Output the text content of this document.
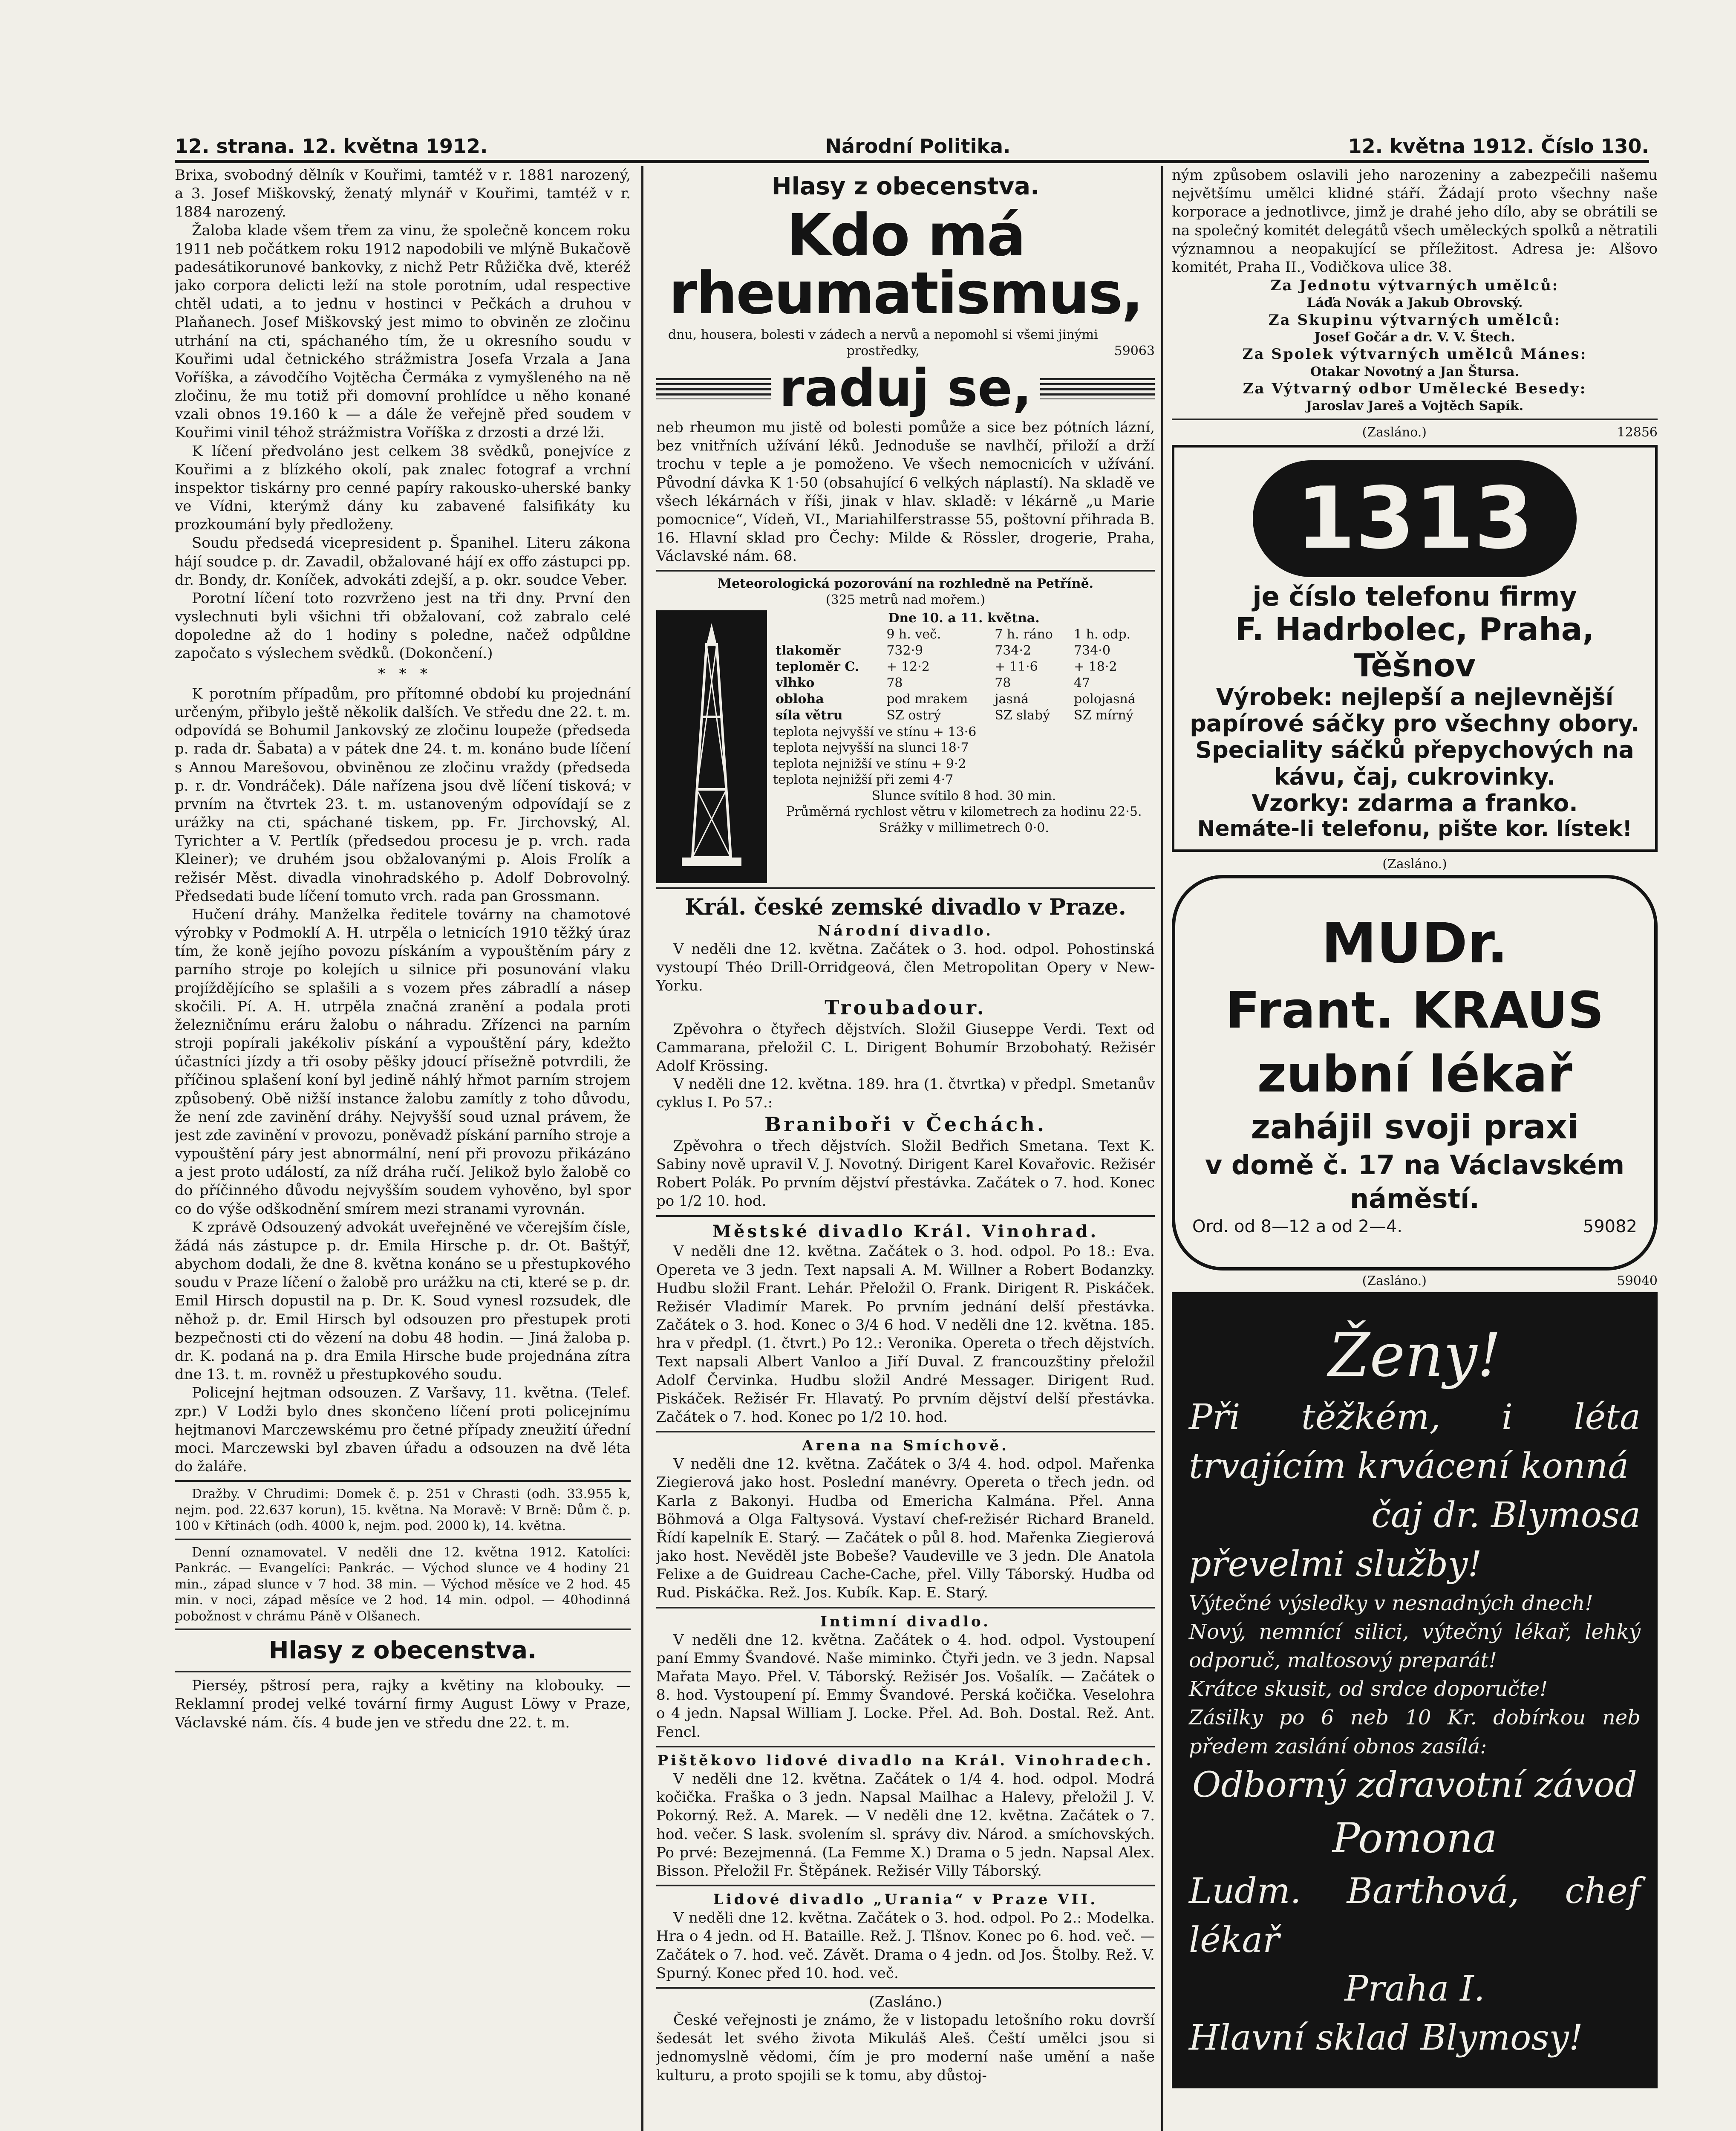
12. strana. 12. května 1912.	Národní Politika.	12. května 1912. Číslo 130.

Brixa, svobodný dělník v Kouřimi, tamtéž v r. 1881 narozený, a 3. Josef Miškovský, ženatý mlynář v Kouřimi, tamtéž v r. 1884 narozený.

Žaloba klade všem třem za vinu, že společně koncem roku 1911 neb počátkem roku 1912 napodobili ve mlýně Bukačově padesátikorunové bankovky, z nichž Petr Růžička dvě, kteréž jako corpora delicti leží na stole porotním, udal respective chtěl udati, a to jednu v hostinci v Pečkách a druhou v Plaňanech. Josef Miškovský jest mimo to obviněn ze zločinu utrhání na cti, spáchaného tím, že u okresního soudu v Kouřimi udal četnického strážmistra Josefa Vrzala a Jana Voříška, a závodčího Vojtěcha Čermáka z vymyšleného na ně zločinu, že mu totiž při domovní prohlídce u něho konané vzali obnos 19.160 k — a dále že veřejně před soudem v Kouřimi vinil téhož strážmistra Voříška z drzosti a drzé lži.

K líčení předvoláno jest celkem 38 svědků, ponejvíce z Kouřimi a z blízkého okolí, pak znalec fotograf a vrchní inspektor tiskárny pro cenné papíry rakousko-uherské banky ve Vídni, kterýmž dány ku zabavené falsifikáty ku prozkoumání byly předloženy.

Soudu předsedá vicepresident p. Španihel. Literu zákona hájí soudce p. dr. Zavadil, obžalované hájí ex offo zástupci pp. dr. Bondy, dr. Koníček, advokáti zdejší, a p. okr. soudce Veber.

Porotní líčení toto rozvrženo jest na tři dny. První den vyslechnuti byli všichni tři obžalovaní, což zabralo celé dopoledne až do 1 hodiny s poledne, načež odpůldne započato s výslechem svědků. (Dokončení.)

*   *   *

K porotním případům, pro přítomné období ku projednání určeným, přibylo ještě několik dalších. Ve středu dne 22. t. m. odpovídá se Bohumil Jankovský ze zločinu loupeže (předseda p. rada dr. Šabata) a v pátek dne 24. t. m. konáno bude líčení s Annou Marešovou, obviněnou ze zločinu vraždy (předseda p. r. dr. Vondráček). Dále nařízena jsou dvě líčení tisková; v prvním na čtvrtek 23. t. m. ustanoveným odpovídají se z urážky na cti, spáchané tiskem, pp. Fr. Jirchovský, Al. Tyrichter a V. Pertlík (předsedou procesu je p. vrch. rada Kleiner); ve druhém jsou obžalovanými p. Alois Frolík a režisér Měst. divadla vinohradského p. Adolf Dobrovolný. Předsedati bude líčení tomuto vrch. rada pan Grossmann.

Hučení dráhy. Manželka ředitele továrny na chamotové výrobky v Podmoklí A. H. utrpěla o letnicích 1910 těžký úraz tím, že koně jejího povozu pískáním a vypouštěním páry z parního stroje po kolejích u silnice při posunování vlaku projíždějícího se splašili a s vozem přes zábradlí a násep skočili. Pí. A. H. utrpěla značná zranění a podala proti železničnímu eráru žalobu o náhradu. Zřízenci na parním stroji popírali jakékoliv pískání a vypouštění páry, kdežto účastníci jízdy a tři osoby pěšky jdoucí přísežně potvrdili, že příčinou splašení koní byl jedině náhlý hřmot parním strojem způsobený. Obě nižší instance žalobu zamítly z toho důvodu, že není zde zavinění dráhy. Nejvyšší soud uznal právem, že jest zde zavinění v provozu, poněvadž pískání parního stroje a vypouštění páry jest abnormální, není při provozu přikázáno a jest proto událostí, za níž dráha ručí. Jelikož bylo žalobě co do příčinného důvodu nejvyšším soudem vyhověno, byl spor co do výše odškodnění smírem mezi stranami vyrovnán.

K zprávě Odsouzený advokát uveřejněné ve včerejším čísle, žádá nás zástupce p. dr. Emila Hirsche p. dr. Ot. Baštýř, abychom dodali, že dne 8. května konáno se u přestupkového soudu v Praze líčení o žalobě pro urážku na cti, které se p. dr. Emil Hirsch dopustil na p. Dr. K. Soud vynesl rozsudek, dle něhož p. dr. Emil Hirsch byl odsouzen pro přestupek proti bezpečnosti cti do vězení na dobu 48 hodin. — Jiná žaloba p. dr. K. podaná na p. dra Emila Hirsche bude projednána zítra dne 13. t. m. rovněž u přestupkového soudu.

Policejní hejtman odsouzen. Z Varšavy, 11. května. (Telef. zpr.) V Lodži bylo dnes skončeno líčení proti policejnímu hejtmanovi Marczewskému pro četné případy zneužití úřední moci. Marczewski byl zbaven úřadu a odsouzen na dvě léta do žaláře.

Dražby. V Chrudimi: Domek č. p. 251 v Chrasti (odh. 33.955 k, nejm. pod. 22.637 korun), 15. května. Na Moravě: V Brně: Dům č. p. 100 v Křtinách (odh. 4000 k, nejm. pod. 2000 k), 14. května.

Denní oznamovatel. V neděli dne 12. května 1912. Katolíci: Pankrác. — Evangelíci: Pankrác. — Východ slunce ve 4 hodiny 21 min., západ slunce v 7 hod. 38 min. — Východ měsíce ve 2 hod. 45 min. v noci, západ měsíce ve 2 hod. 14 min. odpol. — 40hodinná pobožnost v chrámu Páně v Olšanech.

Hlasy z obecenstva.

Pierséy, pštrosí pera, rajky a květiny na klobouky. — Reklamní prodej velké tovární firmy August Löwy v Praze, Václavské nám. čís. 4 bude jen ve středu dne 22. t. m.

Hlasy z obecenstva.
Kdo má rheumatismus,

dnu, housera, bolesti v zádech a nervů a nepomohl si všemi jinými prostředky,	59063
raduj se,

neb rheumon mu jistě od bolesti pomůže a sice bez pótních lázní, bez vnitřních užívání léků. Jednoduše se navlhčí, přiloží a drží trochu v teple a je pomoženo. Ve všech nemocnicích v užívání. Původní dávka K 1·50 (obsahující 6 velkých náplastí). Na skladě ve všech lékárnách v říši, jinak v hlav. skladě: v lékárně „u Marie pomocnice“, Vídeň, VI., Mariahilferstrasse 55, poštovní přihrada B. 16. Hlavní sklad pro Čechy: Milde & Rössler, drogerie, Praha, Václavské nám. 68.

Meteorologická pozorování na rozhledně na Petříně.

(325 metrů nad mořem.)

Dne 10. a 11. května.

	9 h. več.	7 h. ráno	1 h. odp.
tlakoměr	732·9	734·2	734·0
teploměr C.	+ 12·2	+ 11·6	+ 18·2
vlhko	78	78	47
obloha	pod mrakem	jasná	polojasná
síla větru	SZ ostrý	SZ slabý	SZ mírný

teplota nejvyšší ve stínu + 13·6

teplota nejvyšší na slunci 18·7

teplota nejnižší ve stínu + 9·2

teplota nejnižší při zemi 4·7

Slunce svítilo 8 hod. 30 min.

Průměrná rychlost větru v kilometrech za hodinu 22·5.

Srážky v millimetrech 0·0.

Král. české zemské divadlo v Praze.

Národní divadlo.

V neděli dne 12. května. Začátek o 3. hod. odpol. Pohostinská vystoupí Théo Drill-Orridgeová, člen Metropolitan Opery v New-Yorku.

Troubadour.

Zpěvohra o čtyřech dějstvích. Složil Giuseppe Verdi. Text od Cammarana, přeložil C. L. Dirigent Bohumír Brzobohatý. Režisér Adolf Krössing.

V neděli dne 12. května. 189. hra (1. čtvrtka) v předpl. Smetanův cyklus I. Po 57.:

Braniboři v Čechách.

Zpěvohra o třech dějstvích. Složil Bedřich Smetana. Text K. Sabiny nově upravil V. J. Novotný. Dirigent Karel Kovařovic. Režisér Robert Polák. Po prvním dějství přestávka. Začátek o 7. hod. Konec po 1/2 10. hod.

Městské divadlo Král. Vinohrad.

V neděli dne 12. května. Začátek o 3. hod. odpol. Po 18.: Eva. Opereta ve 3 jedn. Text napsali A. M. Willner a Robert Bodanzky. Hudbu složil Frant. Lehár. Přeložil O. Frank. Dirigent R. Piskáček. Režisér Vladimír Marek. Po prvním jednání delší přestávka. Začátek o 3. hod. Konec o 3/4 6 hod. V neděli dne 12. května. 185. hra v předpl. (1. čtvrt.) Po 12.: Veronika. Opereta o třech dějstvích. Text napsali Albert Vanloo a Jiří Duval. Z francouzštiny přeložil Adolf Červinka. Hudbu složil André Messager. Dirigent Rud. Piskáček. Režisér Fr. Hlavatý. Po prvním dějství delší přestávka. Začátek o 7. hod. Konec po 1/2 10. hod.

Arena na Smíchově.

V neděli dne 12. května. Začátek o 3/4 4. hod. odpol. Mařenka Ziegierová jako host. Poslední manévry. Opereta o třech jedn. od Karla z Bakonyi. Hudba od Emericha Kalmána. Přel. Anna Böhmová a Olga Faltysová. Vystaví chef-režisér Richard Braneld. Řídí kapelník E. Starý. — Začátek o půl 8. hod. Mařenka Ziegierová jako host. Nevěděl jste Bobeše? Vaudeville ve 3 jedn. Dle Anatola Felixe a de Guidreau Cache-Cache, přel. Villy Táborský. Hudba od Rud. Piskáčka. Rež. Jos. Kubík. Kap. E. Starý.

Intimní divadlo.

V neděli dne 12. května. Začátek o 4. hod. odpol. Vystoupení paní Emmy Švandové. Naše miminko. Čtyři jedn. ve 3 jedn. Napsal Mařata Mayo. Přel. V. Táborský. Režisér Jos. Vošalík. — Začátek o 8. hod. Vystoupení pí. Emmy Švandové. Perská kočička. Veselohra o 4 jedn. Napsal William J. Locke. Přel. Ad. Boh. Dostal. Rež. Ant. Fencl.

Pištěkovo lidové divadlo na Král. Vinohradech.

V neděli dne 12. května. Začátek o 1/4 4. hod. odpol. Modrá kočička. Fraška o 3 jedn. Napsal Mailhac a Halevy, přeložil J. V. Pokorný. Rež. A. Marek. — V neděli dne 12. května. Začátek o 7. hod. večer. S lask. svolením sl. správy div. Národ. a smíchovských. Po prvé: Bezejmenná. (La Femme X.) Drama o 5 jedn. Napsal Alex. Bisson. Přeložil Fr. Štěpánek. Režisér Villy Táborský.

Lidové divadlo „Urania“ v Praze VII.

V neděli dne 12. května. Začátek o 3. hod. odpol. Po 2.: Modelka. Hra o 4 jedn. od H. Bataille. Rež. J. Tlšnov. Konec po 6. hod. več. — Začátek o 7. hod. več. Závět. Drama o 4 jedn. od Jos. Štolby. Rež. V. Spurný. Konec před 10. hod. več.

(Zasláno.)

České veřejnosti je známo, že v listopadu letošního roku dovrší šedesát let svého života Mikuláš Aleš. Čeští umělci jsou si jednomyslně vědomi, čím je pro moderní naše umění a naše kulturu, a proto spojili se k tomu, aby důstoj-

ným způsobem oslavili jeho narozeniny a zabezpečili našemu největšímu umělci klidné stáří. Žádají proto všechny naše korporace a jednotlivce, jimž je drahé jeho dílo, aby se obrátili se na společný komitét delegátů všech uměleckých spolků a nětratili významnou a neopakující se příležitost. Adresa je: Alšovo komitét, Praha II., Vodičkova ulice 38.

Za Jednotu výtvarných umělců:

Láďa Novák a Jakub Obrovský.

Za Skupinu výtvarných umělců:

Josef Gočár a dr. V. V. Štech.

Za Spolek výtvarných umělců Mánes:

Otakar Novotný a Jan Štursa.

Za Výtvarný odbor Umělecké Besedy:

Jaroslav Jareš a Vojtěch Sapík.

(Zasláno.)	12856
1313
je číslo telefonu firmy
F. Hadrbolec, Praha, Těšnov
Výrobek: nejlepší a nejlevnější papírové sáčky pro všechny obory.
Speciality sáčků přepychových na kávu, čaj, cukrovinky.
Vzorky: zdarma a franko.
Nemáte-li telefonu, pište kor. lístek!
(Zasláno.)
MUDr.
Frant. KRAUS
zubní lékař
zahájil svoji praxi
v domě č. 17 na Václavském náměstí.
Ord. od 8—12 a od 2—4.	59082
(Zasláno.)	59040
Ženy!
Při těžkém, i léta trvajícím krvácení konná
čaj dr. Blymosa
převelmi služby!
Výtečné výsledky v nesnadných dnech!
Nový, nemnící silici, výtečný lékař, lehký odporuč, maltosový preparát!
Krátce skusit, od srdce doporučte!
Zásilky po 6 neb 10 Kr. dobírkou neb předem zaslání obnos zasílá:
Odborný zdravotní závod
Pomona
Ludm. Barthová, chef lékař
Praha I.
Hlavní sklad Blymosy!
